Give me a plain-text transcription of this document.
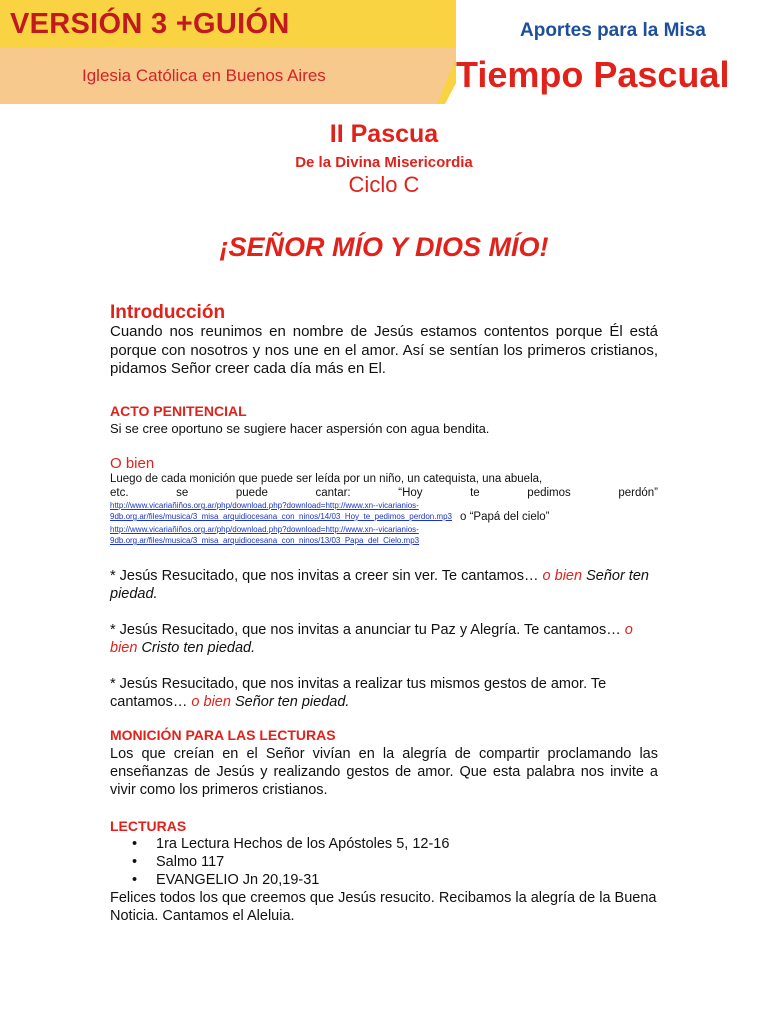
VERSIÓN 3 +GUIÓN
Iglesia Católica en Buenos Aires
Aportes para la Misa
Tiempo Pascual
II Pascua
De la Divina Misericordia
Ciclo C
¡SEÑOR MÍO Y DIOS MÍO!
Introducción
Cuando nos reunimos en nombre de Jesús estamos contentos porque Él está porque con nosotros y nos une en el amor. Así se sentían los primeros cristianos, pidamos Señor creer cada día más en El.
ACTO PENITENCIAL
Si se cree oportuno se sugiere hacer aspersión con agua bendita.
O bien
Luego de cada monición que puede ser leída por un niño, un catequista, una abuela,
etc.	se	puede	cantar:	“Hoy	te	pedimos	perdón”
http://www.vicariañiños.org.ar/php/download.php?download=http://www.xn--vicarianios-
9db.org.ar/files/musica/3_misa_arquidiocesana_con_ninos/14/03_Hoy_te_pedimos_perdon.mp3 o “Papá del cielo”
http://www.vicariañiños.org.ar/php/download.php?download=http://www.xn--vicarianios-
9db.org.ar/files/musica/3_misa_arquidiocesana_con_ninos/13/03_Papa_del_Cielo.mp3
* Jesús Resucitado, que nos invitas a creer sin ver. Te cantamos… o bien Señor ten piedad.
* Jesús Resucitado, que nos invitas a anunciar tu Paz y Alegría. Te cantamos… o bien Cristo ten piedad.
* Jesús Resucitado, que nos invitas a realizar tus mismos gestos de amor. Te cantamos… o bien Señor ten piedad.
MONICIÓN PARA LAS LECTURAS
Los que creían en el Señor vivían en la alegría de compartir proclamando las enseñanzas de Jesús y realizando gestos de amor. Que esta palabra nos invite a vivir como los primeros cristianos.
LECTURAS
• 1ra Lectura Hechos de los Apóstoles 5, 12-16
• Salmo 117
• EVANGELIO Jn 20,19-31
Felices todos los que creemos que Jesús resucito. Recibamos la alegría de la Buena Noticia. Cantamos el Aleluia.
